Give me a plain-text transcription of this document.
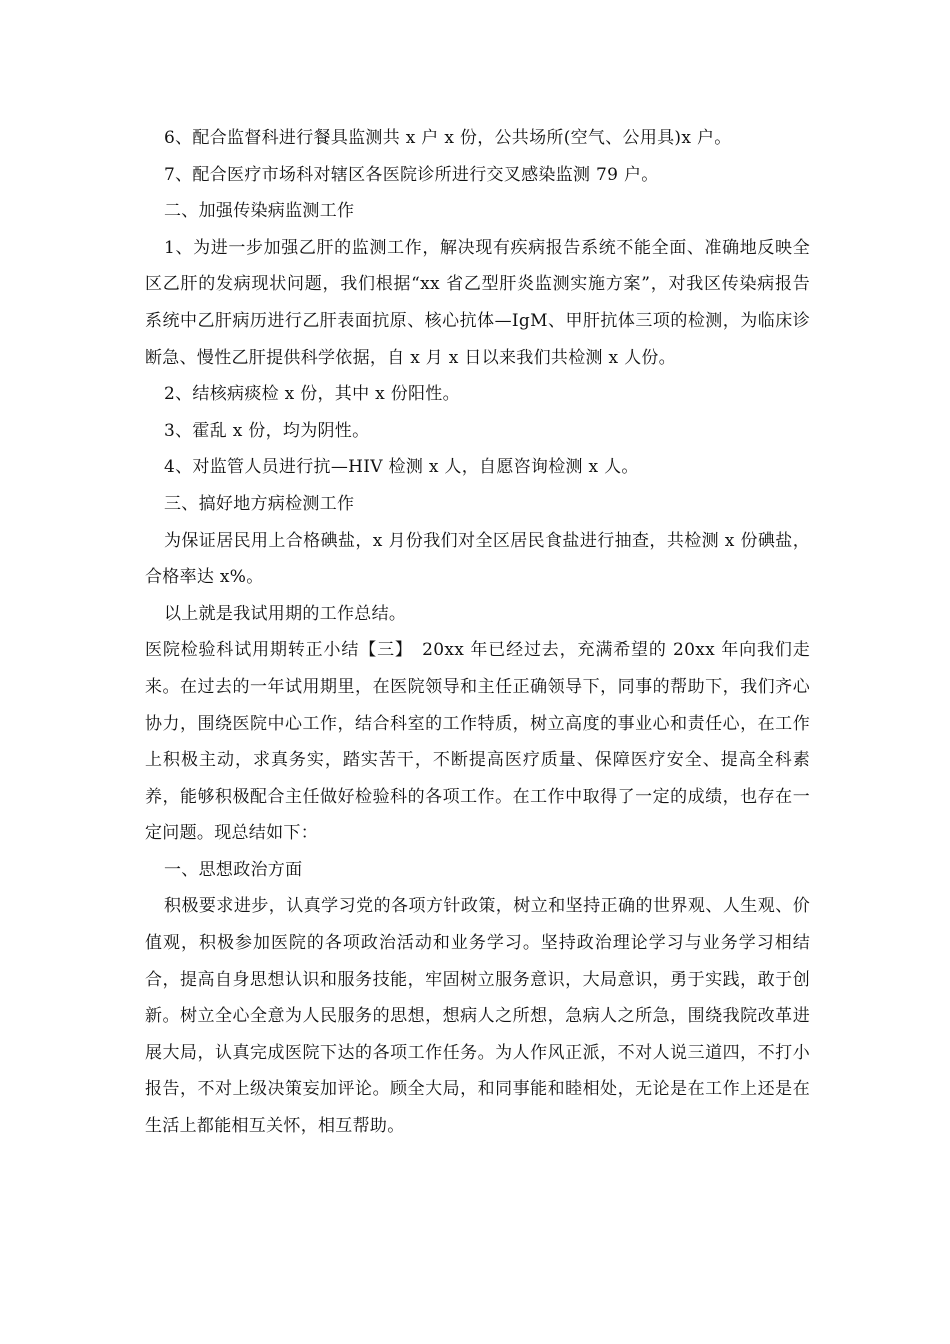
6、配合监督科进行餐具监测共 x 户 x 份，公共场所(空气、公用具)x 户。

7、配合医疗市场科对辖区各医院诊所进行交叉感染监测 79 户。

二、加强传染病监测工作

1、为进一步加强乙肝的监测工作，解决现有疾病报告系统不能全面、准确地反映全区乙肝的发病现状问题，我们根据“xx 省乙型肝炎监测实施方案”，对我区传染病报告系统中乙肝病历进行乙肝表面抗原、核心抗体—IgM、甲肝抗体三项的检测，为临床诊断急、慢性乙肝提供科学依据，自 x 月 x 日以来我们共检测 x 人份。

2、结核病痰检 x 份，其中 x 份阳性。

3、霍乱 x 份，均为阴性。

4、对监管人员进行抗—HIV 检测 x 人，自愿咨询检测 x 人。

三、搞好地方病检测工作

为保证居民用上合格碘盐，x 月份我们对全区居民食盐进行抽查，共检测 x 份碘盐，合格率达 x%。

以上就是我试用期的工作总结。

医院检验科试用期转正小结【三】　20xx 年已经过去，充满希望的 20xx 年向我们走来。在过去的一年试用期里，在医院领导和主任正确领导下，同事的帮助下，我们齐心协力，围绕医院中心工作，结合科室的工作特质，树立高度的事业心和责任心，在工作上积极主动，求真务实，踏实苦干，不断提高医疗质量、保障医疗安全、提高全科素养，能够积极配合主任做好检验科的各项工作。在工作中取得了一定的成绩，也存在一定问题。现总结如下：

一、思想政治方面

积极要求进步，认真学习党的各项方针政策，树立和坚持正确的世界观、人生观、价值观，积极参加医院的各项政治活动和业务学习。坚持政治理论学习与业务学习相结合，提高自身思想认识和服务技能，牢固树立服务意识，大局意识，勇于实践，敢于创新。树立全心全意为人民服务的思想，想病人之所想，急病人之所急，围绕我院改革进展大局，认真完成医院下达的各项工作任务。为人作风正派，不对人说三道四，不打小报告，不对上级决策妄加评论。顾全大局，和同事能和睦相处，无论是在工作上还是在生活上都能相互关怀，相互帮助。
